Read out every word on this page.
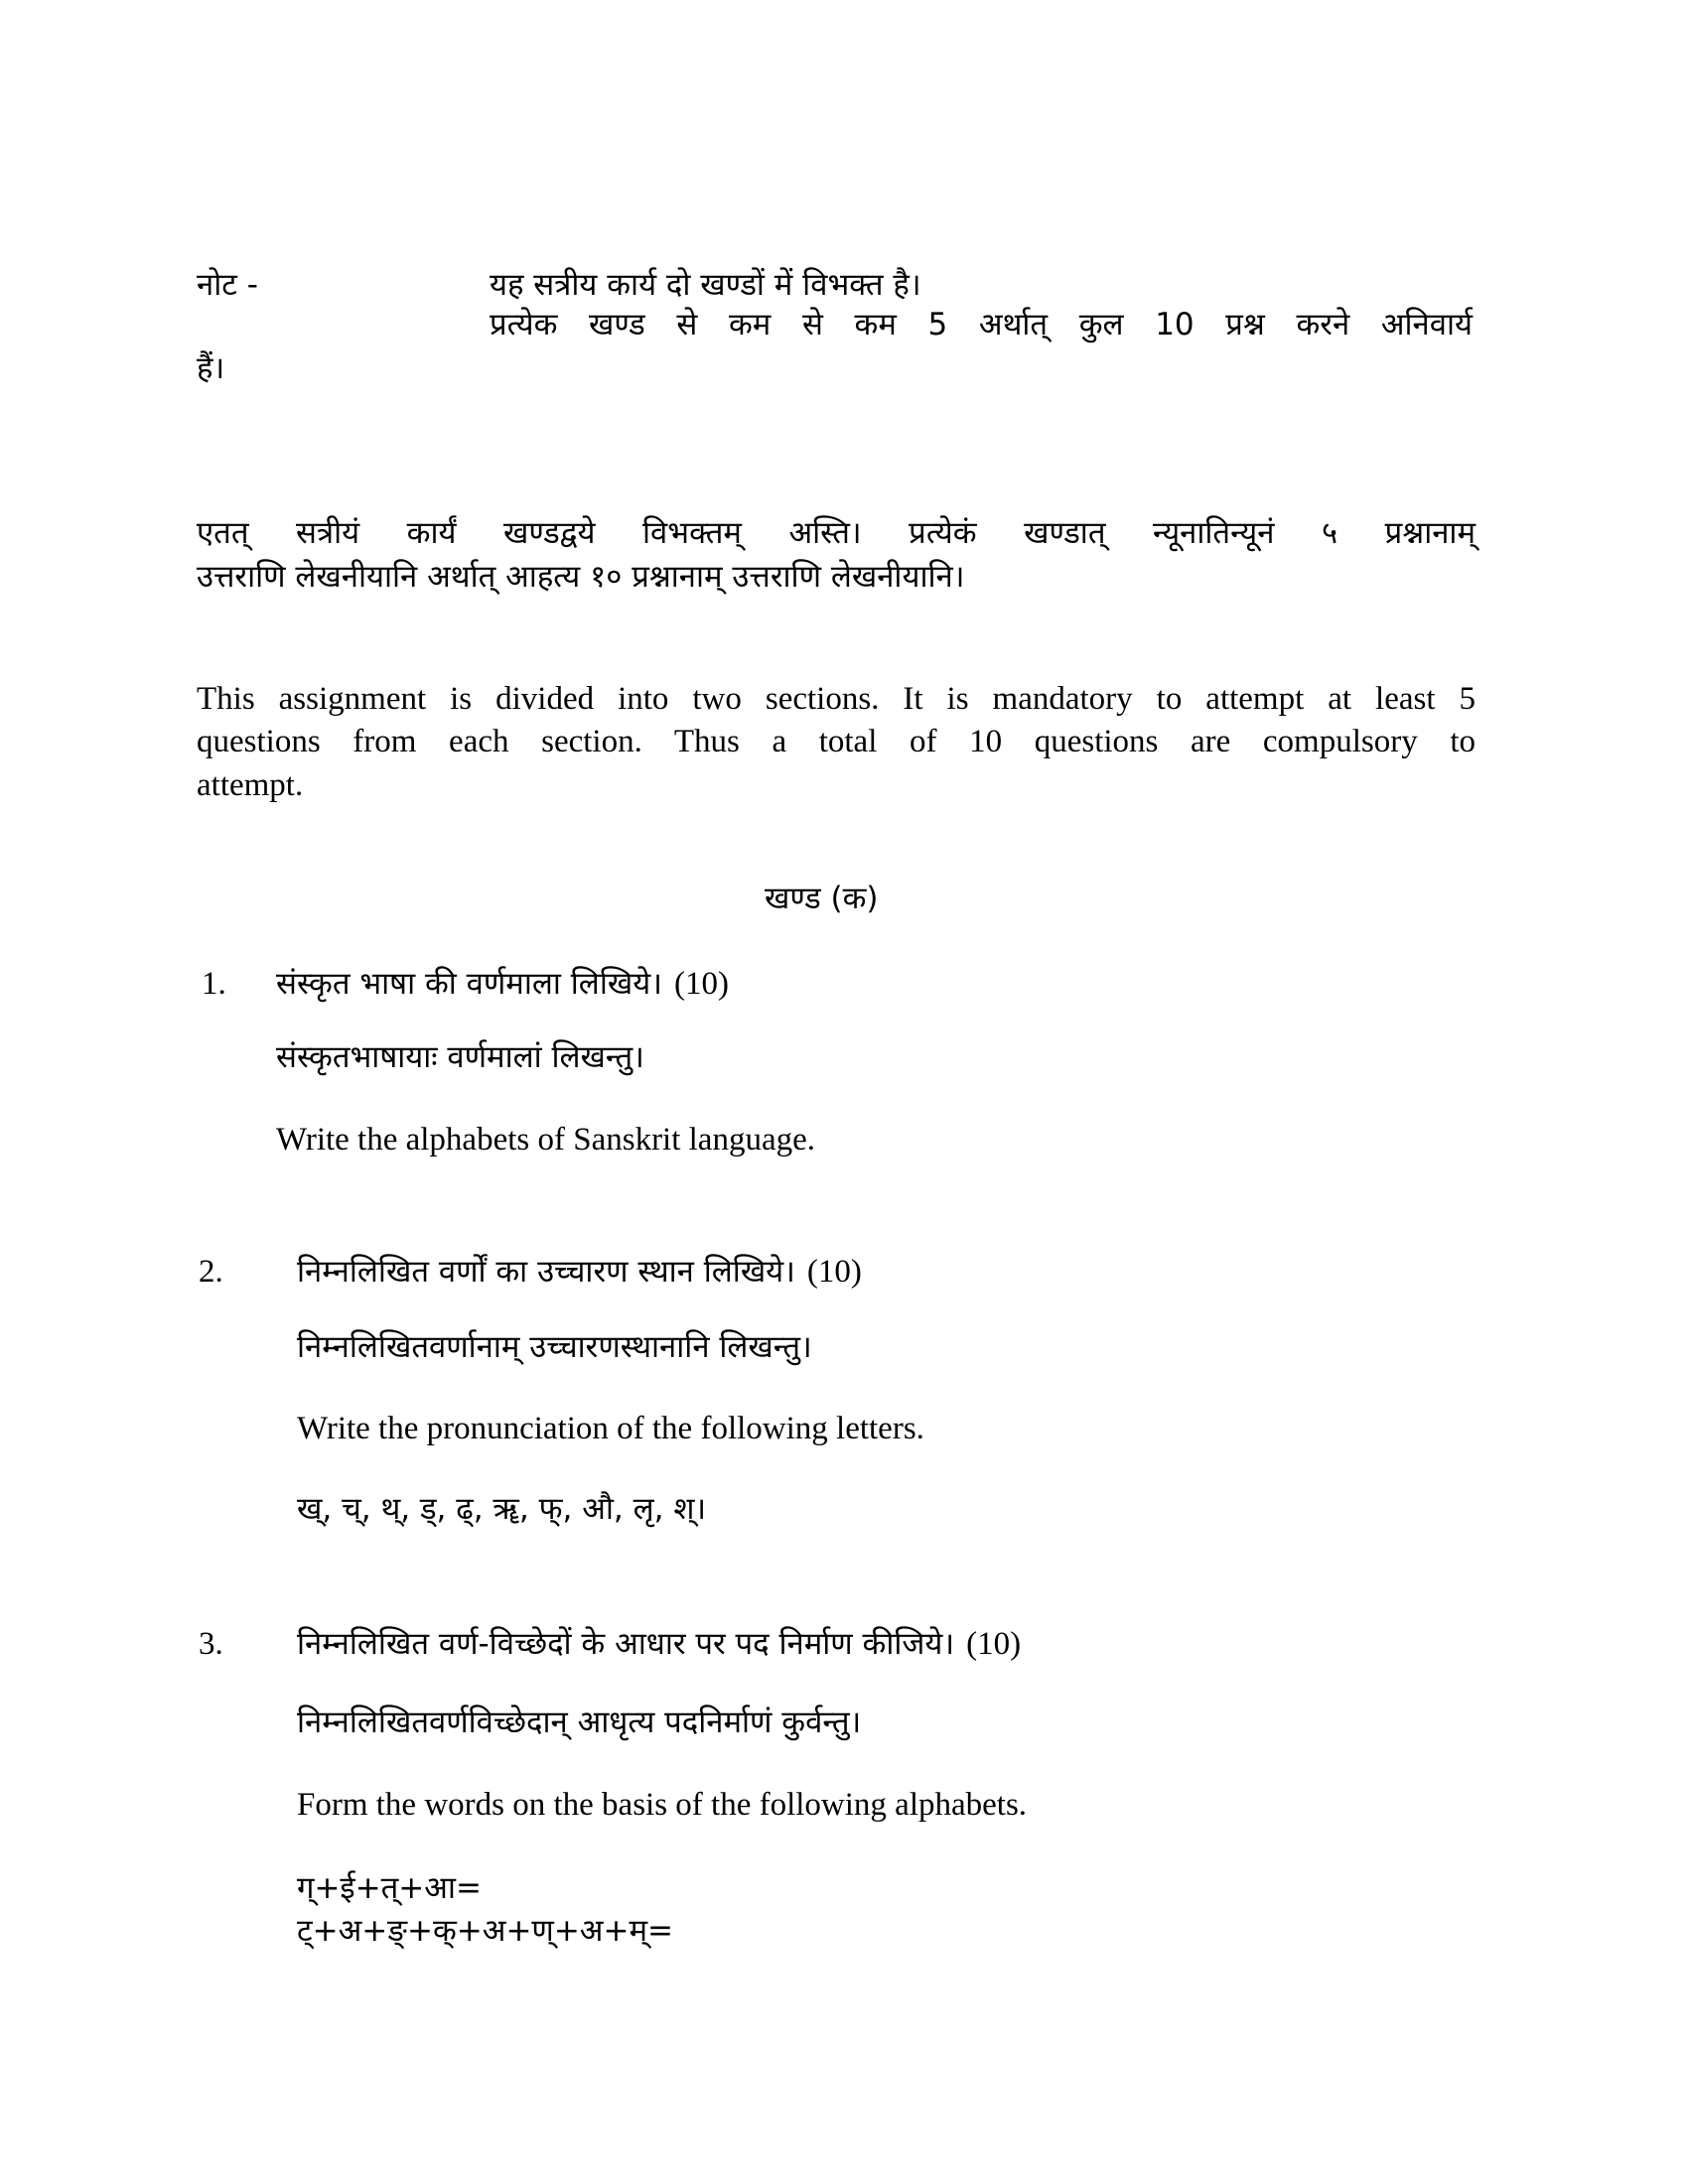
नोट -	यह सत्रीय कार्य दो खण्डों में विभक्त है।
प्रत्येक खण्ड से कम से कम 5 अर्थात् कुल 10 प्रश्न करने अनिवार्य
हैं।
एतत् सत्रीयं कार्यं खण्डद्वये विभक्तम् अस्ति। प्रत्येकं खण्डात् न्यूनातिन्यूनं ५ प्रश्नानाम्
उत्तराणि लेखनीयानि अर्थात् आहत्य १० प्रश्नानाम् उत्तराणि लेखनीयानि।
This assignment is divided into two sections. It is mandatory to attempt at least 5
questions from each section. Thus a total of 10 questions are compulsory to
attempt.
खण्ड (क)
1. संस्कृत भाषा की वर्णमाला लिखिये। (10)
संस्कृतभाषायाः वर्णमालां लिखन्तु।
Write the alphabets of Sanskrit language.
2. निम्नलिखित वर्णों का उच्चारण स्थान लिखिये। (10)
निम्नलिखितवर्णानाम् उच्चारणस्थानानि लिखन्तु।
Write the pronunciation of the following letters.
ख्, च्, थ्, ड्, ढ्, ॠ, फ्, औ, लृ, श्।
3. निम्नलिखित वर्ण-विच्छेदों के आधार पर पद निर्माण कीजिये। (10)
निम्नलिखितवर्णविच्छेदान् आधृत्य पदनिर्माणं कुर्वन्तु।
Form the words on the basis of the following alphabets.
ग्+ई+त्+आ=
ट्+अ+ङ्+क्+अ+ण्+अ+म्=
